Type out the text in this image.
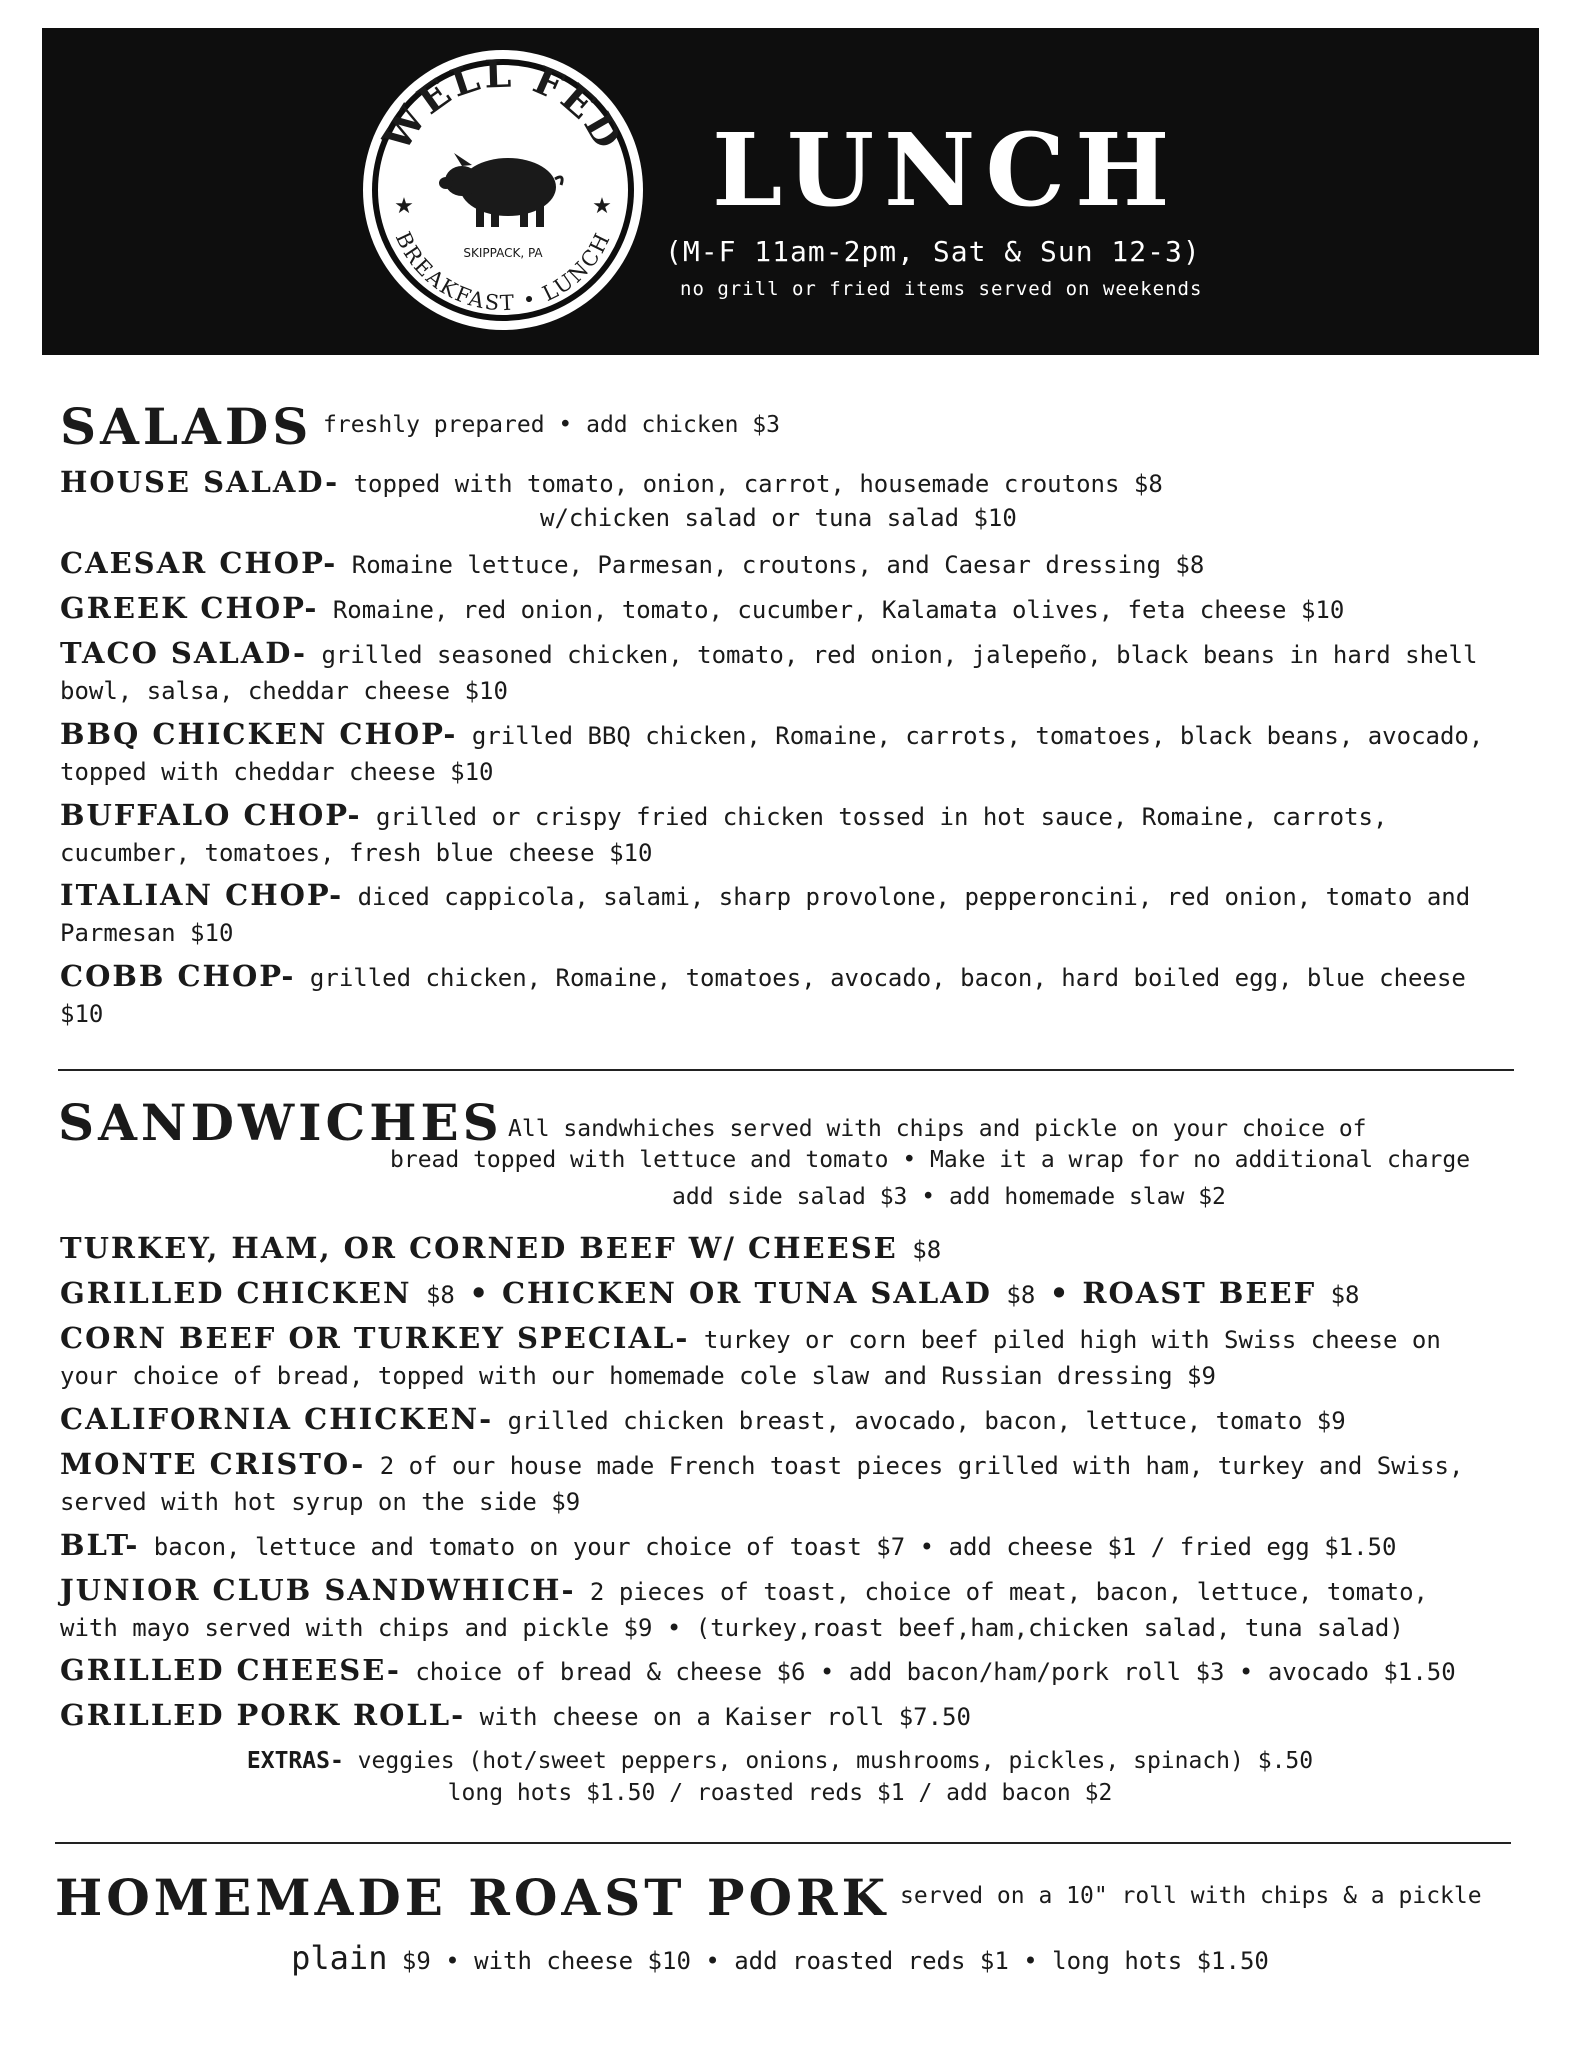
WELL FED
BREAKFAST • LUNCH
★	★
SKIPPACK, PA
LUNCH
(M-F 11am-2pm, Sat & Sun 12-3)
no grill or fried items served on weekends
SALADS freshly prepared • add chicken $3
HOUSE SALAD- topped with tomato, onion, carrot, housemade croutons $8
w/chicken salad or tuna salad $10
CAESAR CHOP- Romaine lettuce, Parmesan, croutons, and Caesar dressing $8
GREEK CHOP- Romaine, red onion, tomato, cucumber, Kalamata olives, feta cheese $10
TACO SALAD- grilled seasoned chicken, tomato, red onion, jalepeño, black beans in hard shell bowl, salsa, cheddar cheese $10
BBQ CHICKEN CHOP- grilled BBQ chicken, Romaine, carrots, tomatoes, black beans, avocado, topped with cheddar cheese $10
BUFFALO CHOP- grilled or crispy fried chicken tossed in hot sauce, Romaine, carrots, cucumber, tomatoes, fresh blue cheese $10
ITALIAN CHOP- diced cappicola, salami, sharp provolone, pepperoncini, red onion, tomato and Parmesan $10
COBB CHOP- grilled chicken, Romaine, tomatoes, avocado, bacon, hard boiled egg, blue cheese $10
SANDWICHES All sandwhiches served with chips and pickle on your choice of
bread topped with lettuce and tomato • Make it a wrap for no additional charge
add side salad $3 • add homemade slaw $2
TURKEY, HAM, OR CORNED BEEF W/ CHEESE $8
GRILLED CHICKEN $8 • CHICKEN OR TUNA SALAD $8 • ROAST BEEF $8
CORN BEEF OR TURKEY SPECIAL- turkey or corn beef piled high with Swiss cheese on your choice of bread, topped with our homemade cole slaw and Russian dressing $9
CALIFORNIA CHICKEN- grilled chicken breast, avocado, bacon, lettuce, tomato $9
MONTE CRISTO- 2 of our house made French toast pieces grilled with ham, turkey and Swiss, served with hot syrup on the side $9
BLT- bacon, lettuce and tomato on your choice of toast $7 • add cheese $1 / fried egg $1.50
JUNIOR CLUB SANDWHICH- 2 pieces of toast, choice of meat, bacon, lettuce, tomato, with mayo served with chips and pickle $9 • (turkey,roast beef,ham,chicken salad, tuna salad)
GRILLED CHEESE- choice of bread & cheese $6 • add bacon/ham/pork roll $3 • avocado $1.50
GRILLED PORK ROLL- with cheese on a Kaiser roll $7.50
EXTRAS- veggies (hot/sweet peppers, onions, mushrooms, pickles, spinach) $.50
long hots $1.50 / roasted reds $1 / add bacon $2
HOMEMADE ROAST PORK served on a 10" roll with chips & a pickle
plain $9 • with cheese $10 • add roasted reds $1 • long hots $1.50
